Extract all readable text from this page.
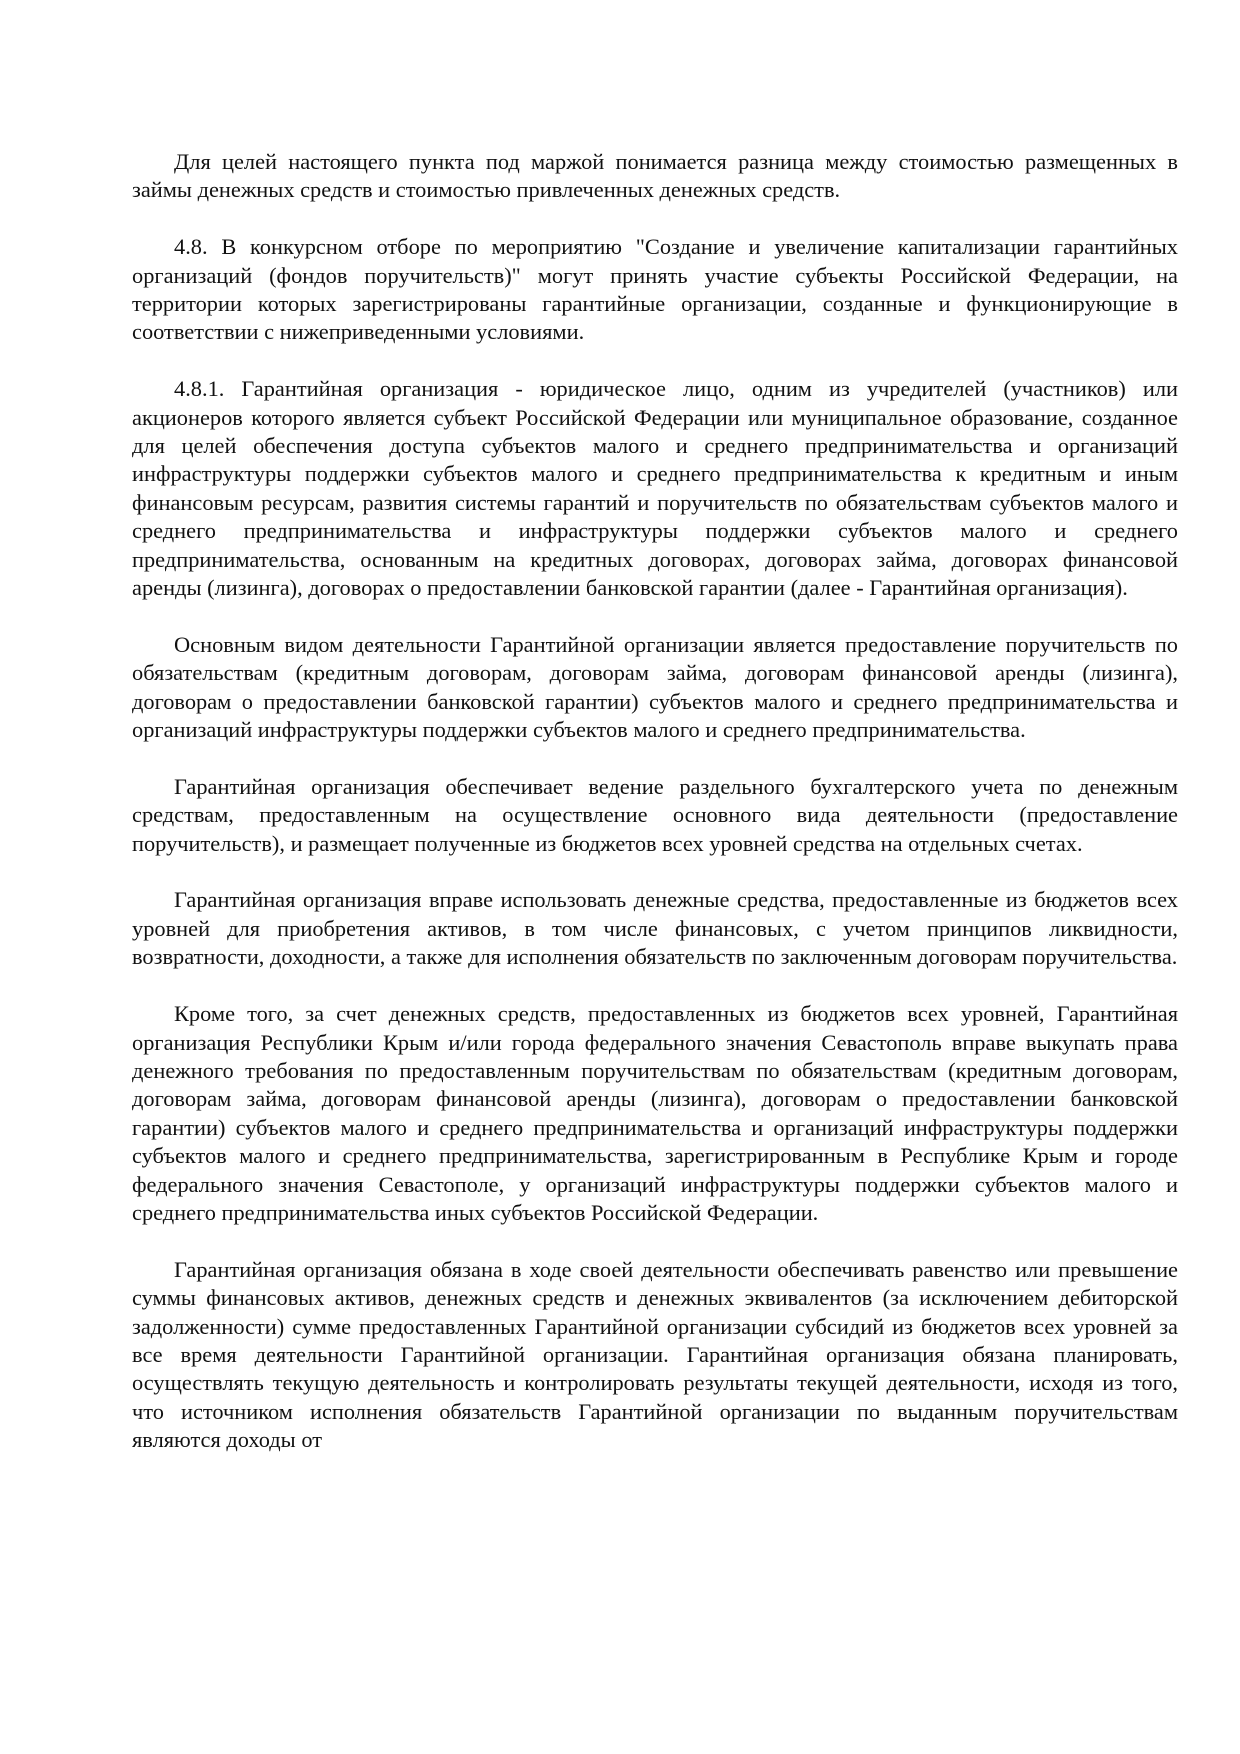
Для целей настоящего пункта под маржой понимается разница между стоимостью размещенных в займы денежных средств и стоимостью привлеченных денежных средств.

4.8. В конкурсном отборе по мероприятию "Создание и увеличение капитализации гарантийных организаций (фондов поручительств)" могут принять участие субъекты Российской Федерации, на территории которых зарегистрированы гарантийные организации, созданные и функционирующие в соответствии с нижеприведенными условиями.

4.8.1. Гарантийная организация - юридическое лицо, одним из учредителей (участников) или акционеров которого является субъект Российской Федерации или муниципальное образование, созданное для целей обеспечения доступа субъектов малого и среднего предпринимательства и организаций инфраструктуры поддержки субъектов малого и среднего предпринимательства к кредитным и иным финансовым ресурсам, развития системы гарантий и поручительств по обязательствам субъектов малого и среднего предпринимательства и инфраструктуры поддержки субъектов малого и среднего предпринимательства, основанным на кредитных договорах, договорах займа, договорах финансовой аренды (лизинга), договорах о предоставлении банковской гарантии (далее - Гарантийная организация).

Основным видом деятельности Гарантийной организации является предоставление поручительств по обязательствам (кредитным договорам, договорам займа, договорам финансовой аренды (лизинга), договорам о предоставлении банковской гарантии) субъектов малого и среднего предпринимательства и организаций инфраструктуры поддержки субъектов малого и среднего предпринимательства.

Гарантийная организация обеспечивает ведение раздельного бухгалтерского учета по денежным средствам, предоставленным на осуществление основного вида деятельности (предоставление поручительств), и размещает полученные из бюджетов всех уровней средства на отдельных счетах.

Гарантийная организация вправе использовать денежные средства, предоставленные из бюджетов всех уровней для приобретения активов, в том числе финансовых, с учетом принципов ликвидности, возвратности, доходности, а также для исполнения обязательств по заключенным договорам поручительства.

Кроме того, за счет денежных средств, предоставленных из бюджетов всех уровней, Гарантийная организация Республики Крым и/или города федерального значения Севастополь вправе выкупать права денежного требования по предоставленным поручительствам по обязательствам (кредитным договорам, договорам займа, договорам финансовой аренды (лизинга), договорам о предоставлении банковской гарантии) субъектов малого и среднего предпринимательства и организаций инфраструктуры поддержки субъектов малого и среднего предпринимательства, зарегистрированным в Республике Крым и городе федерального значения Севастополе, у организаций инфраструктуры поддержки субъектов малого и среднего предпринимательства иных субъектов Российской Федерации.

Гарантийная организация обязана в ходе своей деятельности обеспечивать равенство или превышение суммы финансовых активов, денежных средств и денежных эквивалентов (за исключением дебиторской задолженности) сумме предоставленных Гарантийной организации субсидий из бюджетов всех уровней за все время деятельности Гарантийной организации. Гарантийная организация обязана планировать, осуществлять текущую деятельность и контролировать результаты текущей деятельности, исходя из того, что источником исполнения обязательств Гарантийной организации по выданным поручительствам являются доходы от
